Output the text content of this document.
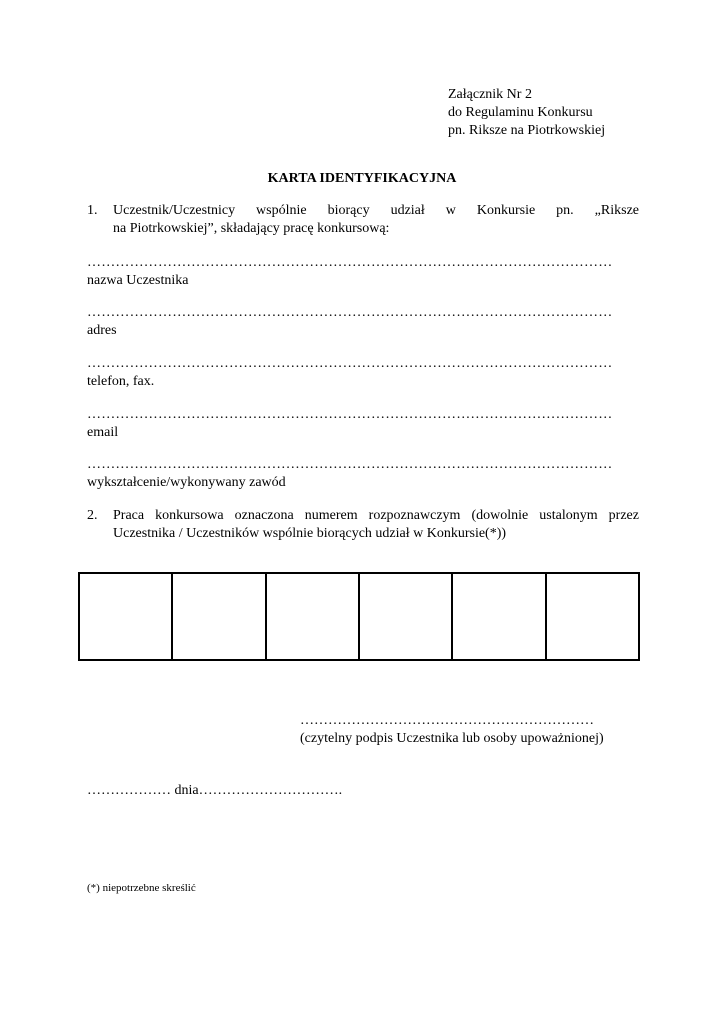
Załącznik Nr 2
do Regulaminu Konkursu
pn. Riksze na Piotrkowskiej
KARTA IDENTYFIKACYJNA
1. Uczestnik/Uczestnicy wspólnie biorący udział w Konkursie pn. „Riksze
na Piotrkowskiej”, składający pracę konkursową:
…………………………………………………………………………………………………
nazwa Uczestnika
…………………………………………………………………………………………………
adres
…………………………………………………………………………………………………
telefon, fax.
…………………………………………………………………………………………………
email
…………………………………………………………………………………………………
wykształcenie/wykonywany zawód
2. Praca konkursowa oznaczona numerem rozpoznawczym (dowolnie ustalonym przez
Uczestnika / Uczestników wspólnie biorących udział w Konkursie(*))
………………………………………………………
(czytelny podpis Uczestnika lub osoby upoważnionej)
……………… dnia………………………….
(*) niepotrzebne skreślić
